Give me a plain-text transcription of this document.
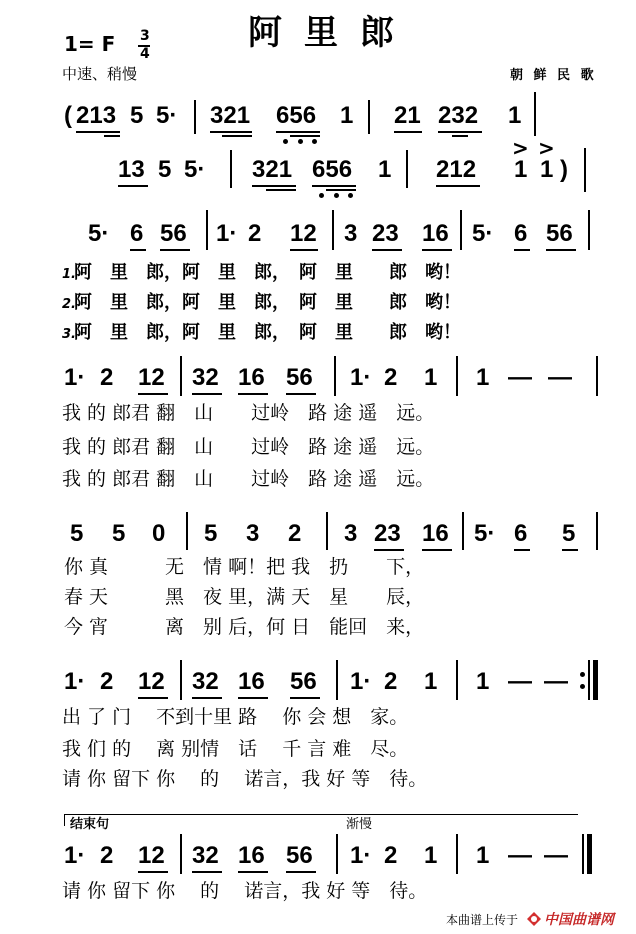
1= F 3
4
阿里郎
中速、稍慢	朝 鲜 民 歌
( 213 5 5· 321 656 1 21 232 1
13 5 5· 321 656 1 212
> >
1 1 )
5· 6 56 1· 2 12 3 23 16 5· 6 56
1.
阿　里　郎，阿　里　郎，　阿　里　　郎　哟！
2.
阿　里　郎，阿　里　郎，　阿　里　　郎　哟！
3.
阿　里　郎，阿　里　郎，　阿　里　　郎　哟！
1· 2 12 32 16 56 1· 2 1 1 — —
我 的 郎君 翻　山　　过岭　路 途 遥　远。
我 的 郎君 翻　山　　过岭　路 途 遥　远。
我 的 郎君 翻　山　　过岭　路 途 遥　远。
5 5 0 5 3 2 3 23 16 5· 6 5
你 真　　　无　情 啊！把 我　扔　　下，
春 天　　　黑　夜 里，满 天　星　　辰，
今 宵　　　离　别 后，何 日　能回　来，
1· 2 12 32 16 56 1· 2 1 1 — —
出 了 门　 不到十里 路　 你 会 想　家。
我 们 的　 离 别情　话　 千 言 难　尽。
请 你 留下 你　 的　 诺言，我 好 等　待。
结束句	渐慢
1· 2 12 32 16 56 1· 2 1 1 — —
请 你 留下 你　 的　 诺言，我 好 等　待。
本曲谱上传于 中国曲谱网
